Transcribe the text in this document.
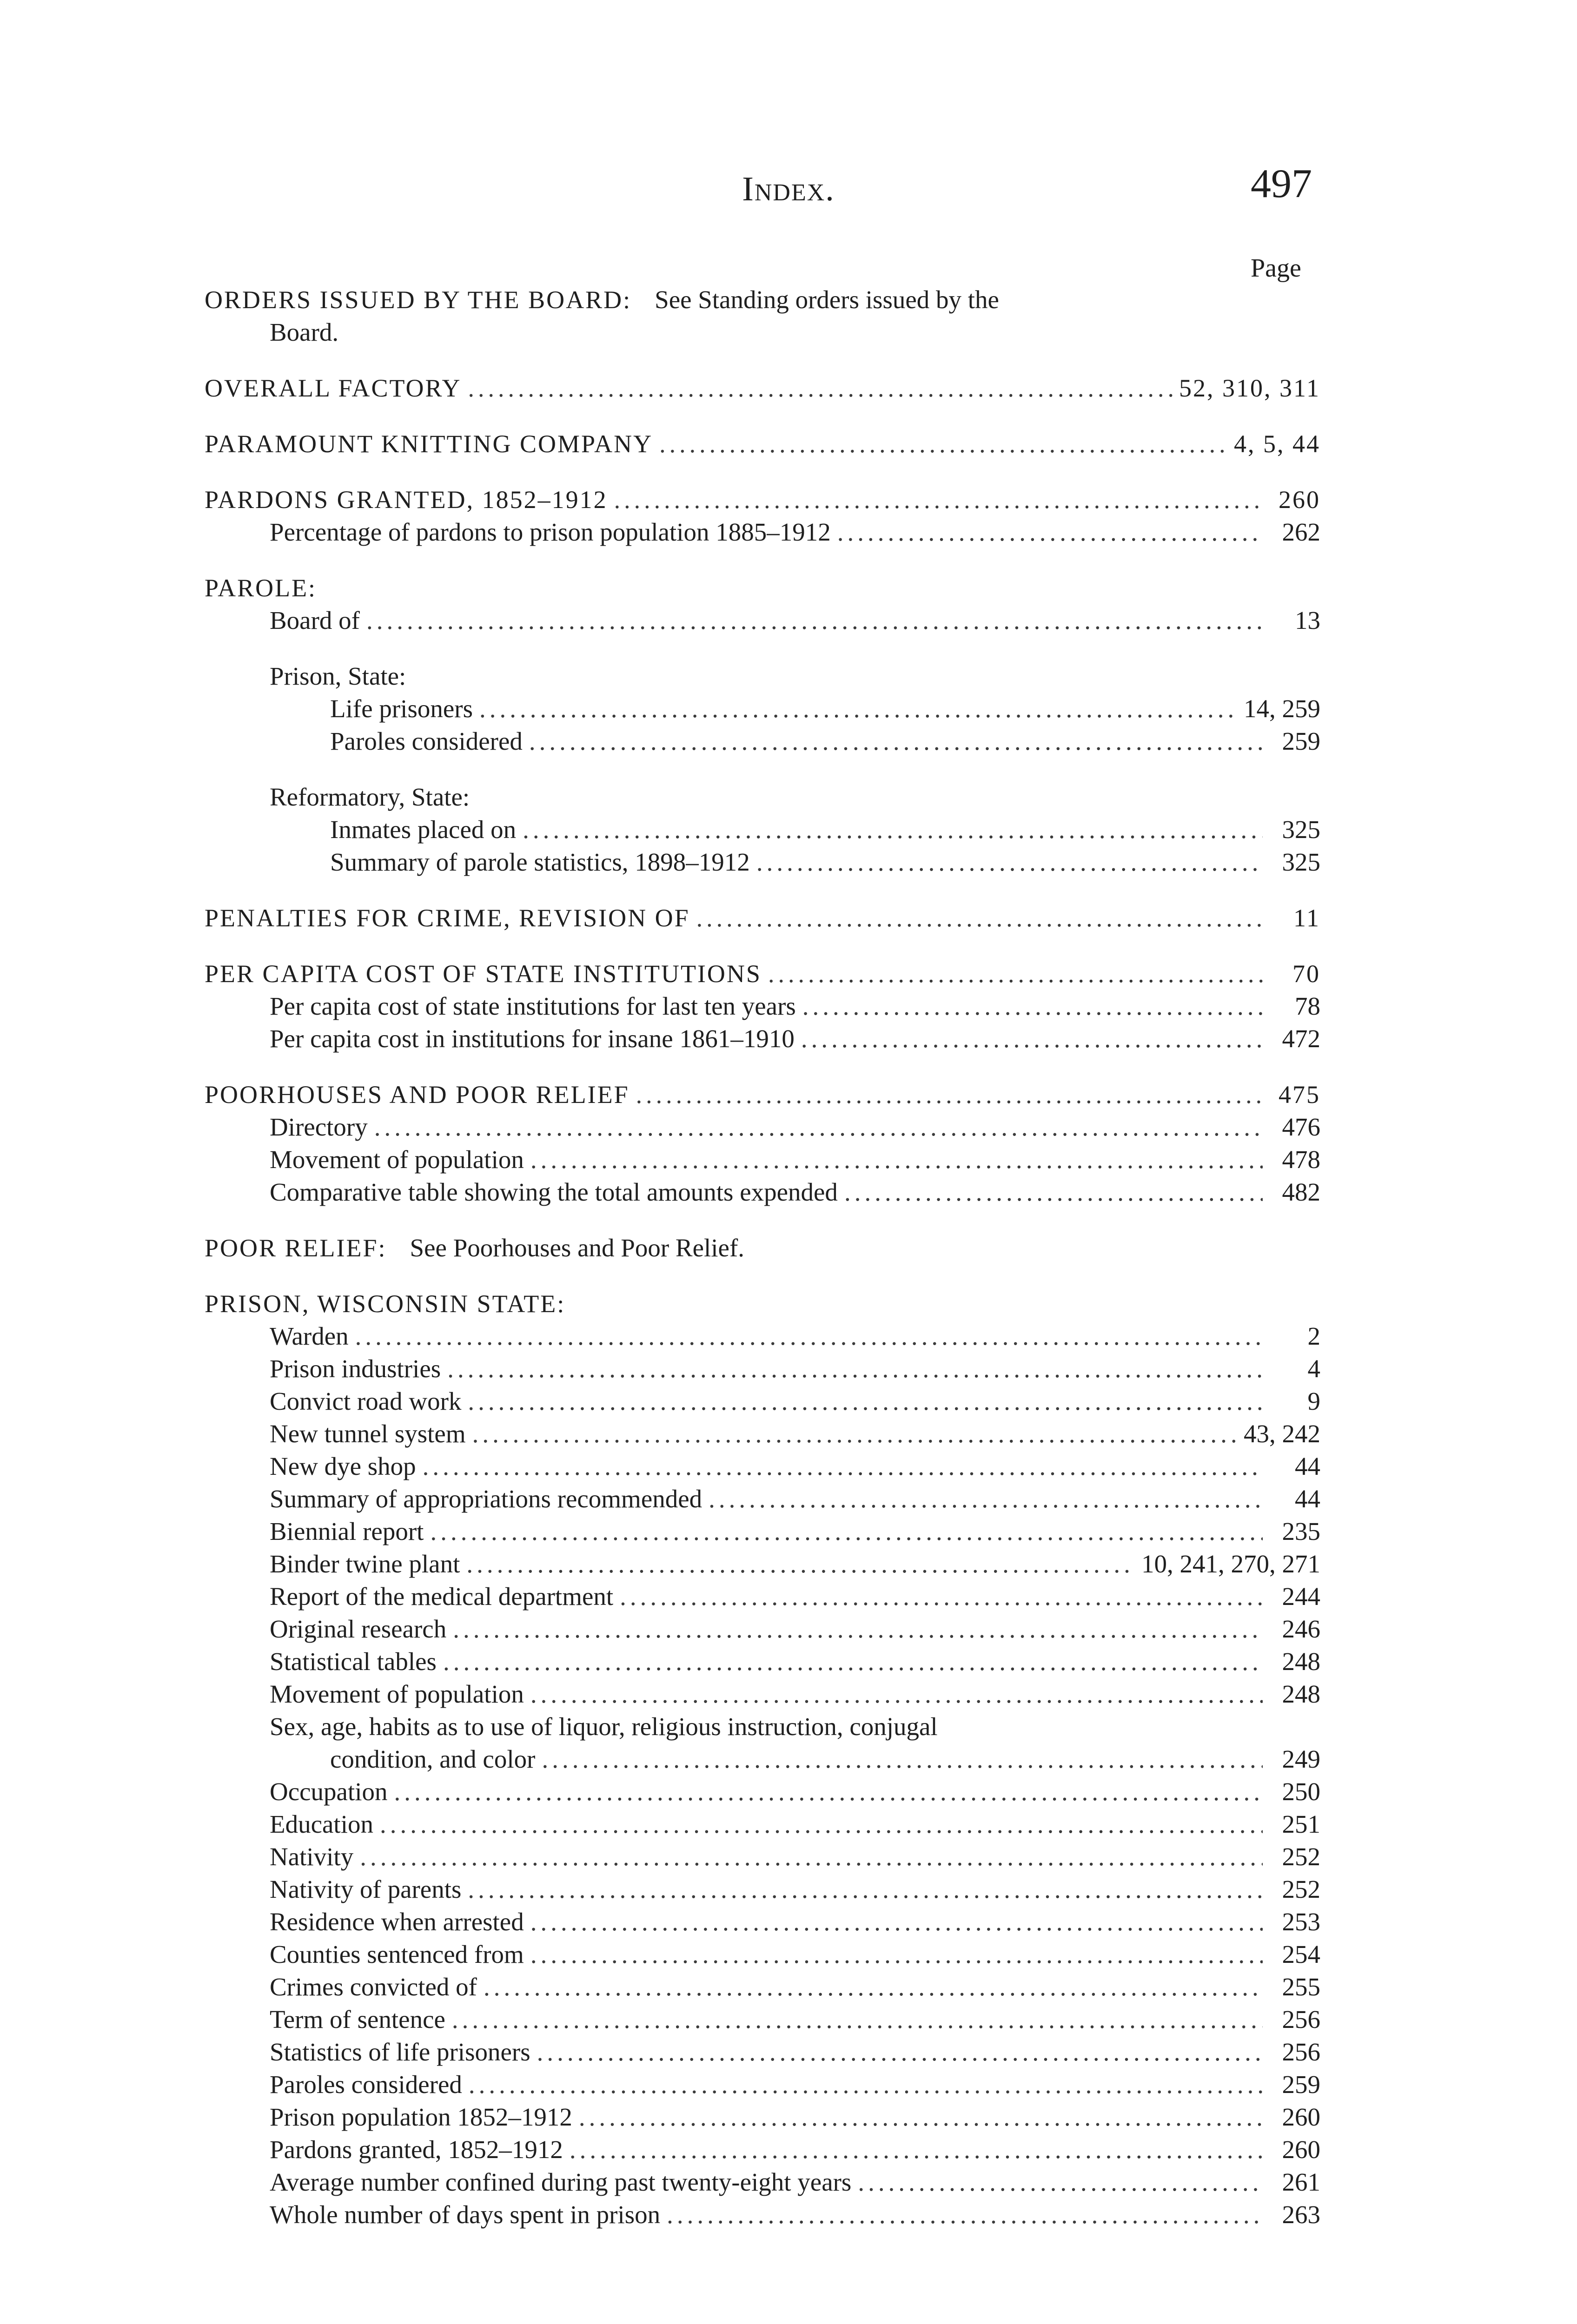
Index.	497
Page
ORDERS ISSUED BY THE BOARD: See Standing orders issued by the
Board.
OVERALL FACTORY .....	52, 310, 311
PARAMOUNT KNITTING COMPANY .....	4, 5, 44
PARDONS GRANTED, 1852–1912 .....	260
Percentage of pardons to prison population 1885–1912 .....	262
PAROLE:
Board of .....	13
Prison, State:
Life prisoners .....	14, 259
Paroles considered .....	259
Reformatory, State:
Inmates placed on .....	325
Summary of parole statistics, 1898–1912 .....	325
PENALTIES FOR CRIME, REVISION OF .....	11
PER CAPITA COST OF STATE INSTITUTIONS .....	70
Per capita cost of state institutions for last ten years .....	78
Per capita cost in institutions for insane 1861–1910 .....	472
POORHOUSES AND POOR RELIEF .....	475
Directory .....	476
Movement of population .....	478
Comparative table showing the total amounts expended .....	482
POOR RELIEF: See Poorhouses and Poor Relief.
PRISON, WISCONSIN STATE:
Warden .....	2
Prison industries .....	4
Convict road work .....	9
New tunnel system .....	43, 242
New dye shop .....	44
Summary of appropriations recommended .....	44
Biennial report .....	235
Binder twine plant .....	10, 241, 270, 271
Report of the medical department .....	244
Original research .....	246
Statistical tables .....	248
Movement of population .....	248
Sex, age, habits as to use of liquor, religious instruction, conjugal
condition, and color .....	249
Occupation .....	250
Education .....	251
Nativity .....	252
Nativity of parents .....	252
Residence when arrested .....	253
Counties sentenced from .....	254
Crimes convicted of .....	255
Term of sentence .....	256
Statistics of life prisoners .....	256
Paroles considered .....	259
Prison population 1852–1912 .....	260
Pardons granted, 1852–1912 .....	260
Average number confined during past twenty-eight years .....	261
Whole number of days spent in prison .....	263
